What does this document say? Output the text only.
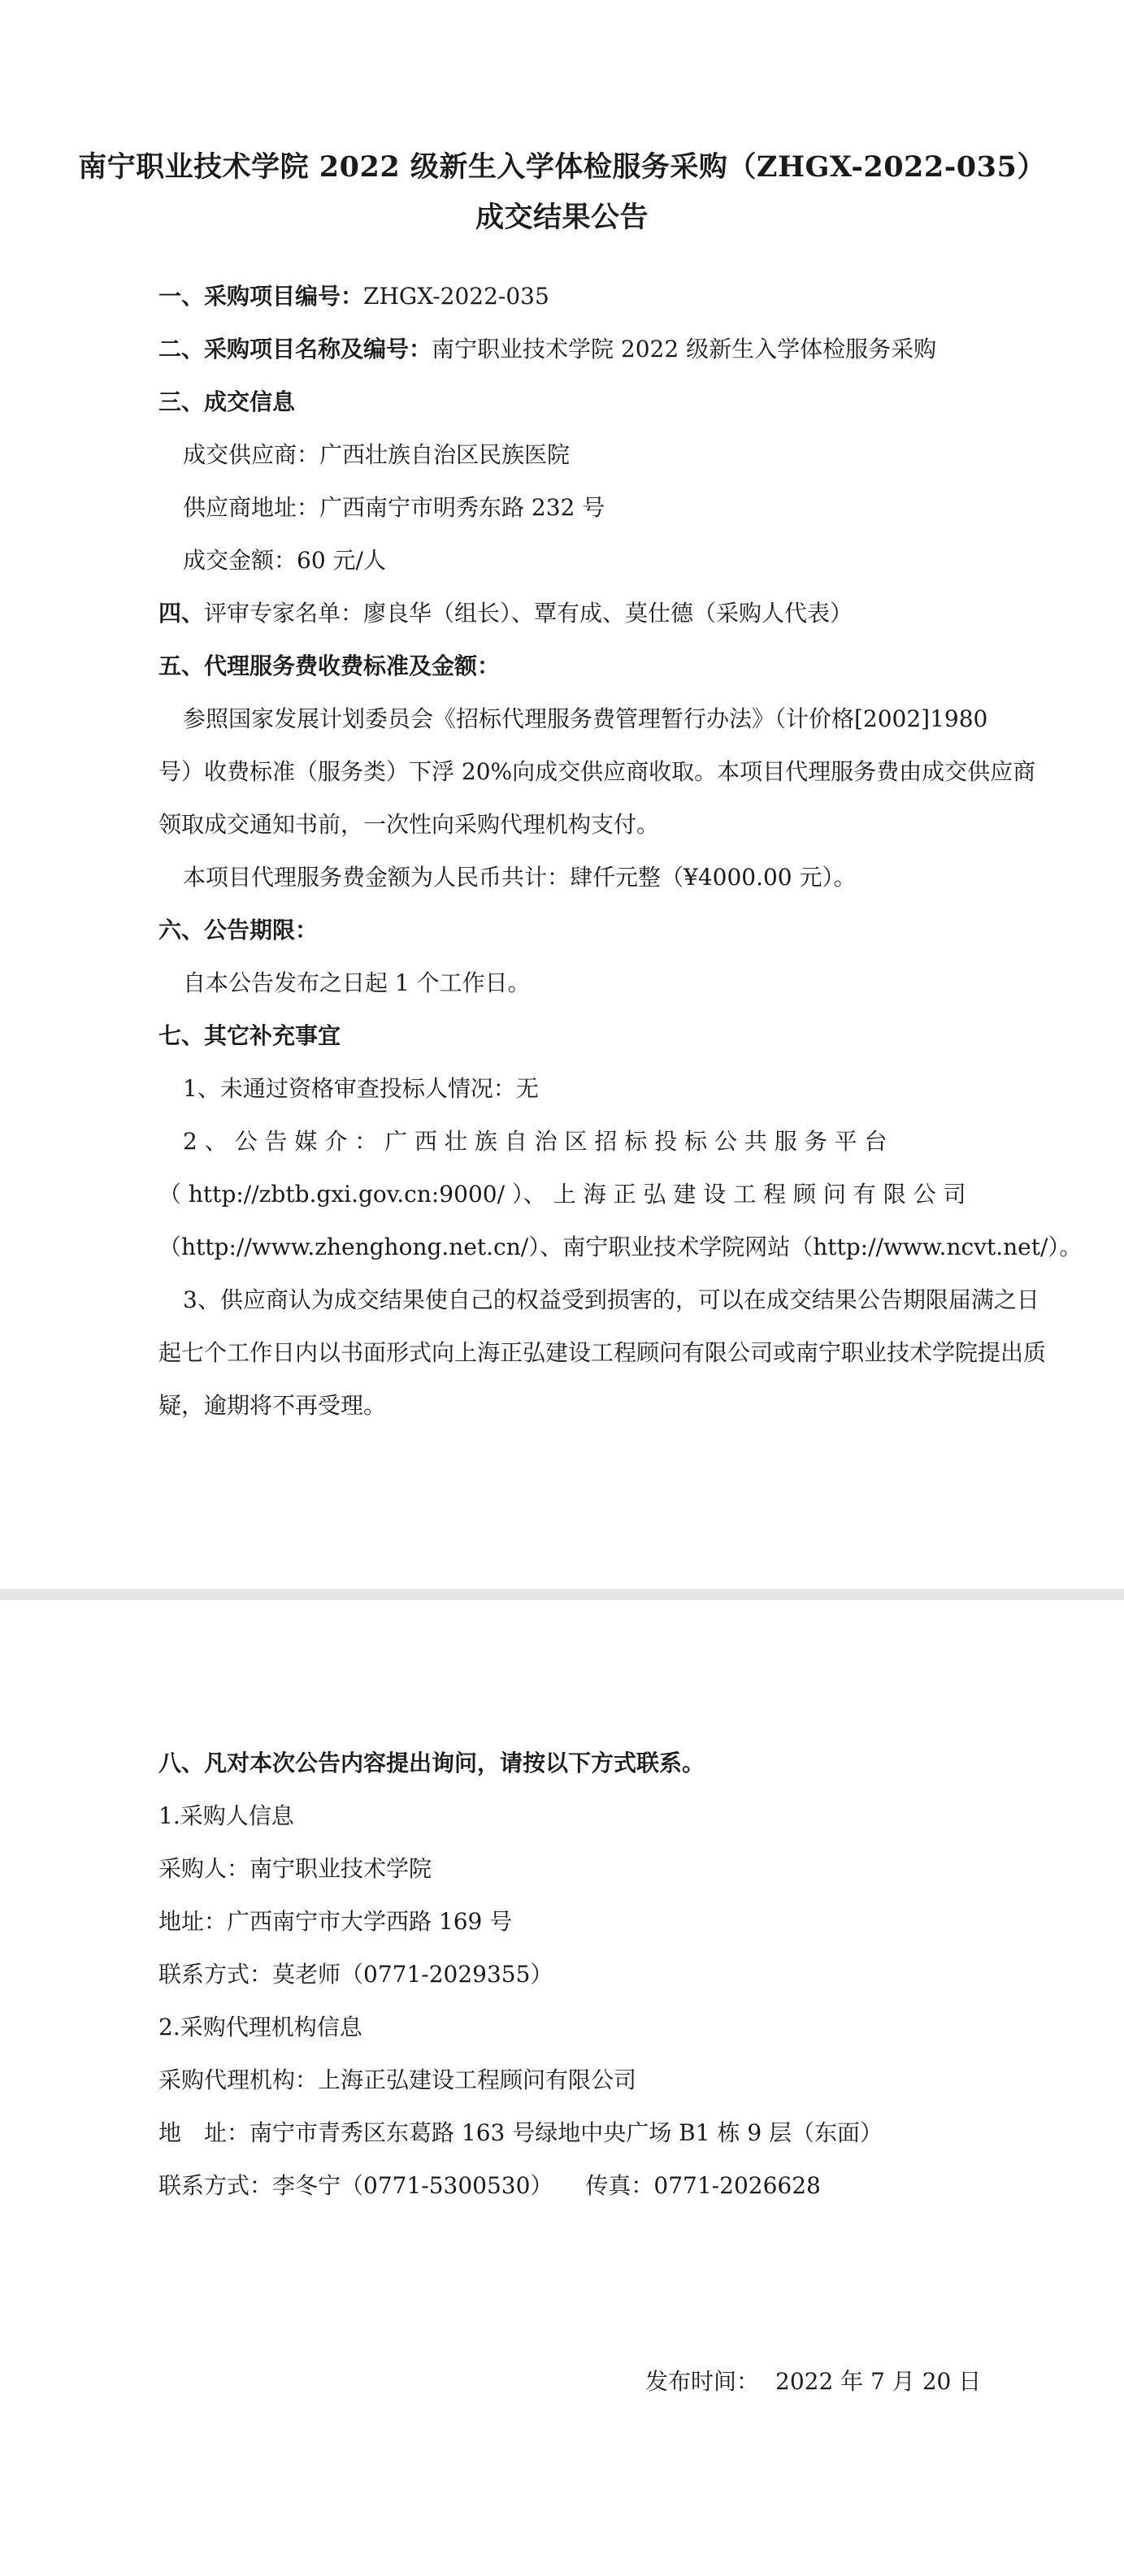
南宁职业技术学院 2022 级新生入学体检服务采购（ZHGX-2022-035）
成交结果公告

一、采购项目编号：ZHGX-2022-035

二、采购项目名称及编号：南宁职业技术学院 2022 级新生入学体检服务采购

三、成交信息

成交供应商：广西壮族自治区民族医院

供应商地址：广西南宁市明秀东路 232 号

成交金额：60 元/人

四、评审专家名单：廖良华（组长）、覃有成、莫仕德（采购人代表）

五、代理服务费收费标准及金额：

参照国家发展计划委员会《招标代理服务费管理暂行办法》（计价格[2002]1980

号）收费标准（服务类）下浮 20%向成交供应商收取。本项目代理服务费由成交供应商

领取成交通知书前，一次性向采购代理机构支付。

本项目代理服务费金额为人民币共计：肆仟元整（¥4000.00 元）。

六、公告期限：

自本公告发布之日起 1 个工作日。

七、其它补充事宜

1、未通过资格审查投标人情况：无

2 、 公 告 媒 介 ： 广 西 壮 族 自 治 区 招 标 投 标 公 共 服 务 平 台

（ http://zbtb.gxi.gov.cn:9000/ ）、 上 海 正 弘 建 设 工 程 顾 问 有 限 公 司

（http://www.zhenghong.net.cn/）、南宁职业技术学院网站（http://www.ncvt.net/）。

3、供应商认为成交结果使自己的权益受到损害的，可以在成交结果公告期限届满之日

起七个工作日内以书面形式向上海正弘建设工程顾问有限公司或南宁职业技术学院提出质

疑，逾期将不再受理。

八、凡对本次公告内容提出询问，请按以下方式联系。

1.采购人信息

采购人：南宁职业技术学院

地址：广西南宁市大学西路 169 号

联系方式：莫老师（0771-2029355）

2.采购代理机构信息

采购代理机构：上海正弘建设工程顾问有限公司

地　址：南宁市青秀区东葛路 163 号绿地中央广场 B1 栋 9 层（东面）

联系方式：李冬宁（0771-5300530） 传真：0771-2026628

发布时间： 2022 年 7 月 20 日
